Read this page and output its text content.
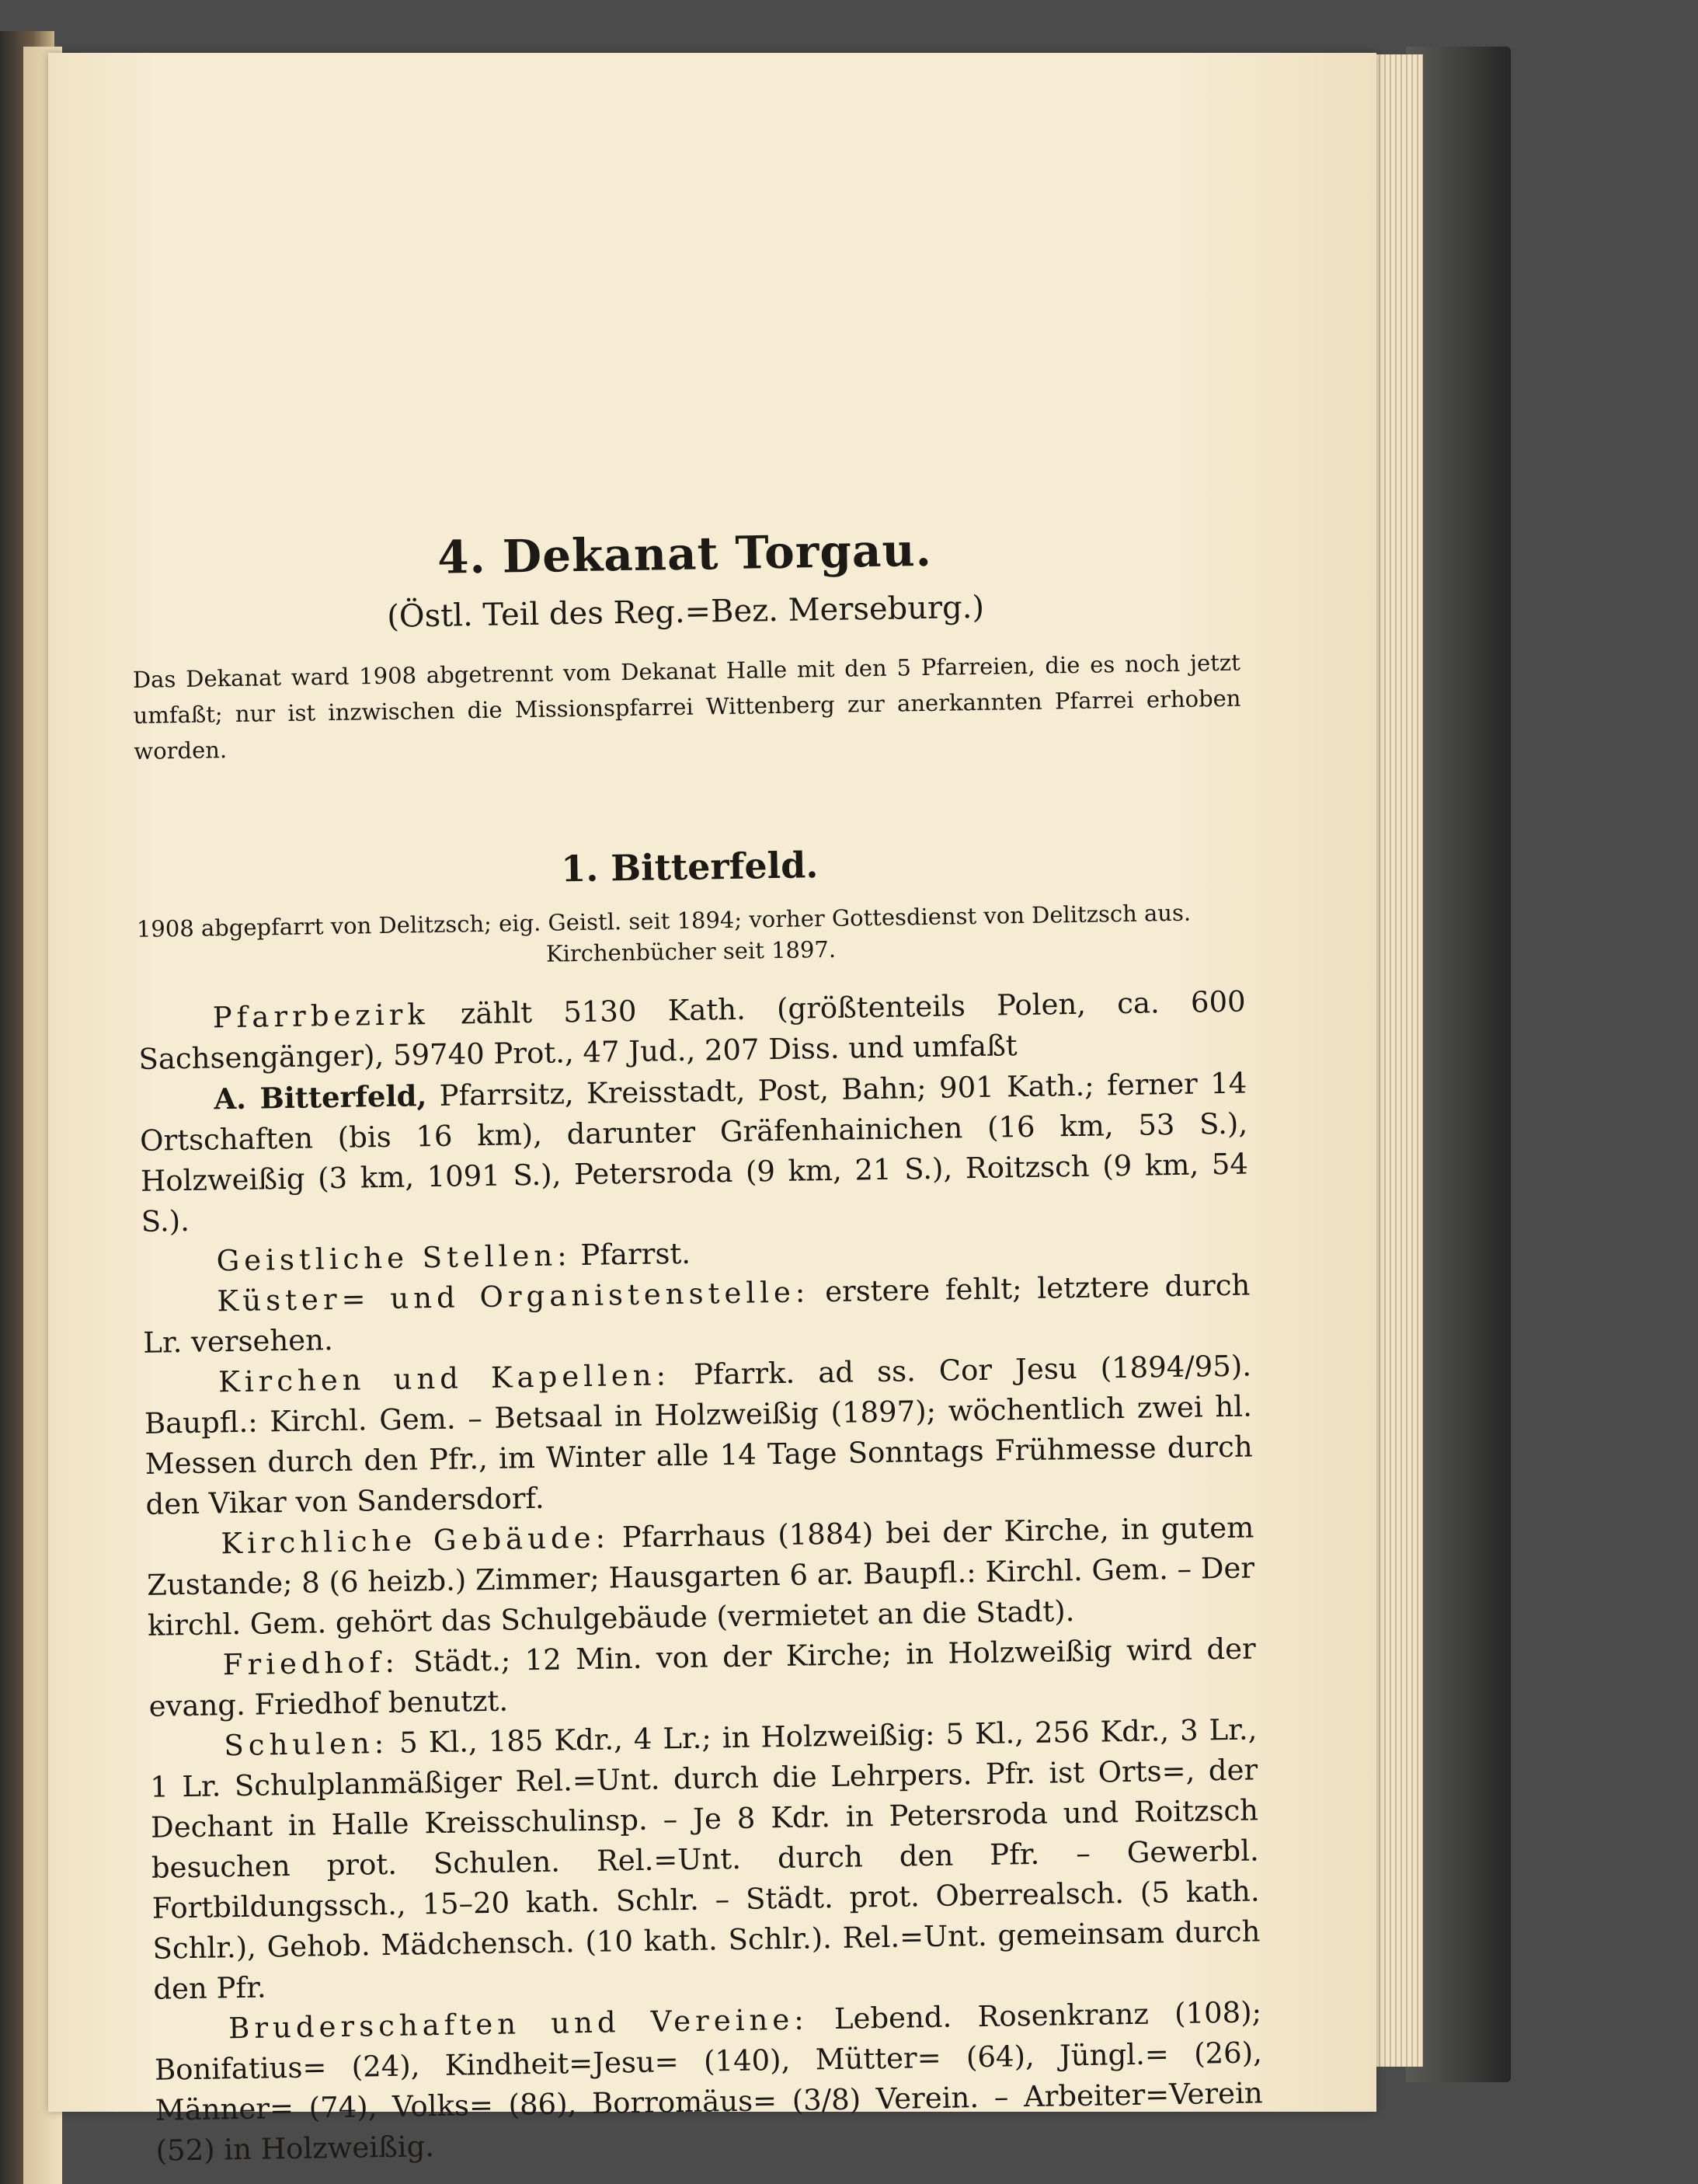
4. Dekanat Torgau.
(Östl. Teil des Reg.=Bez. Merseburg.)
Das Dekanat ward 1908 abgetrennt vom Dekanat Halle mit den 5 Pfarreien, die es noch jetzt umfaßt; nur ist inzwischen die Missionspfarrei Wittenberg zur anerkannten Pfarrei erhoben worden.
1. Bitterfeld.
1908 abgepfarrt von Delitzsch; eig. Geistl. seit 1894; vorher Gottesdienst von Delitzsch aus.
Kirchenbücher seit 1897.

Pfarrbezirk zählt 5130 Kath. (größtenteils Polen, ca. 600 Sachsengänger), 59740 Prot., 47 Jud., 207 Diss. und umfaßt

A. Bitterfeld, Pfarrsitz, Kreisstadt, Post, Bahn; 901 Kath.; ferner 14 Ortschaften (bis 16 km), darunter Gräfenhainichen (16 km, 53 S.), Holzweißig (3 km, 1091 S.), Petersroda (9 km, 21 S.), Roitzsch (9 km, 54 S.).

Geistliche Stellen: Pfarrst.

Küster= und Organistenstelle: erstere fehlt; letztere durch Lr. versehen.

Kirchen und Kapellen: Pfarrk. ad ss. Cor Jesu (1894/95). Baupfl.: Kirchl. Gem. – Betsaal in Holzweißig (1897); wöchentlich zwei hl. Messen durch den Pfr., im Winter alle 14 Tage Sonntags Frühmesse durch den Vikar von Sandersdorf.

Kirchliche Gebäude: Pfarrhaus (1884) bei der Kirche, in gutem Zustande; 8 (6 heizb.) Zimmer; Hausgarten 6 ar. Baupfl.: Kirchl. Gem. – Der kirchl. Gem. gehört das Schulgebäude (vermietet an die Stadt).

Friedhof: Städt.; 12 Min. von der Kirche; in Holzweißig wird der evang. Friedhof benutzt.

Schulen: 5 Kl., 185 Kdr., 4 Lr.; in Holzweißig: 5 Kl., 256 Kdr., 3 Lr., 1 Lr. Schulplanmäßiger Rel.=Unt. durch die Lehrpers. Pfr. ist Orts=, der Dechant in Halle Kreisschulinsp. – Je 8 Kdr. in Petersroda und Roitzsch besuchen prot. Schulen. Rel.=Unt. durch den Pfr. – Gewerbl. Fortbildungssch., 15–20 kath. Schlr. – Städt. prot. Oberrealsch. (5 kath. Schlr.), Gehob. Mädchensch. (10 kath. Schlr.). Rel.=Unt. gemeinsam durch den Pfr.

Bruderschaften und Vereine: Lebend. Rosenkranz (108); Bonifatius= (24), Kindheit=Jesu= (140), Mütter= (64), Jüngl.= (26), Männer= (74), Volks= (86), Borromäus= (3/8) Verein. – Arbeiter=Verein (52) in Holzweißig.
